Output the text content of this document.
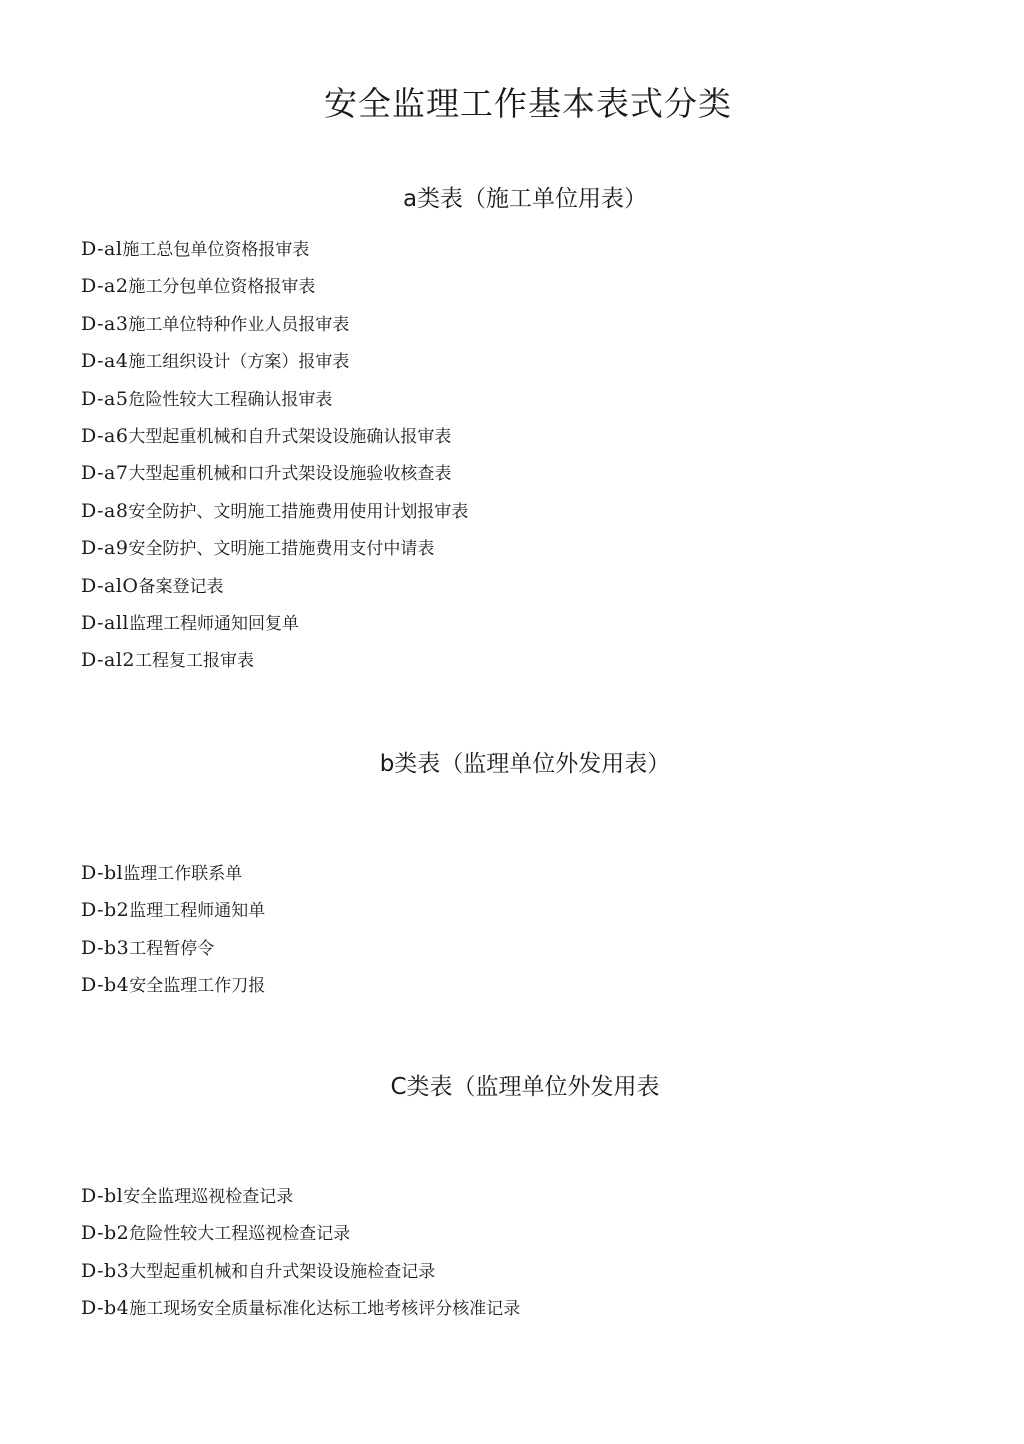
安全监理工作基本表式分类
a类表（施工单位用表）
D-al施工总包单位资格报审表
D-a2施工分包单位资格报审表
D-a3施工单位特种作业人员报审表
D-a4施工组织设计（方案）报审表
D-a5危险性较大工程确认报审表
D-a6大型起重机械和自升式架设设施确认报审表
D-a7大型起重机械和口升式架设设施验收核查表
D-a8安全防护、文明施工措施费用使用计划报审表
D-a9安全防护、文明施工措施费用支付中请表
D-alO备案登记表
D-all监理工程师通知回复单
D-al2工程复工报审表
b类表（监理单位外发用表）
D-bl监理工作联系单
D-b2监理工程师通知单
D-b3工程暂停令
D-b4安全监理工作刀报
C类表（监理单位外发用表
D-bl安全监理巡视检查记录
D-b2危险性较大工程巡视检查记录
D-b3大型起重机械和自升式架设设施检查记录
D-b4施工现场安全质量标准化达标工地考核评分核准记录
